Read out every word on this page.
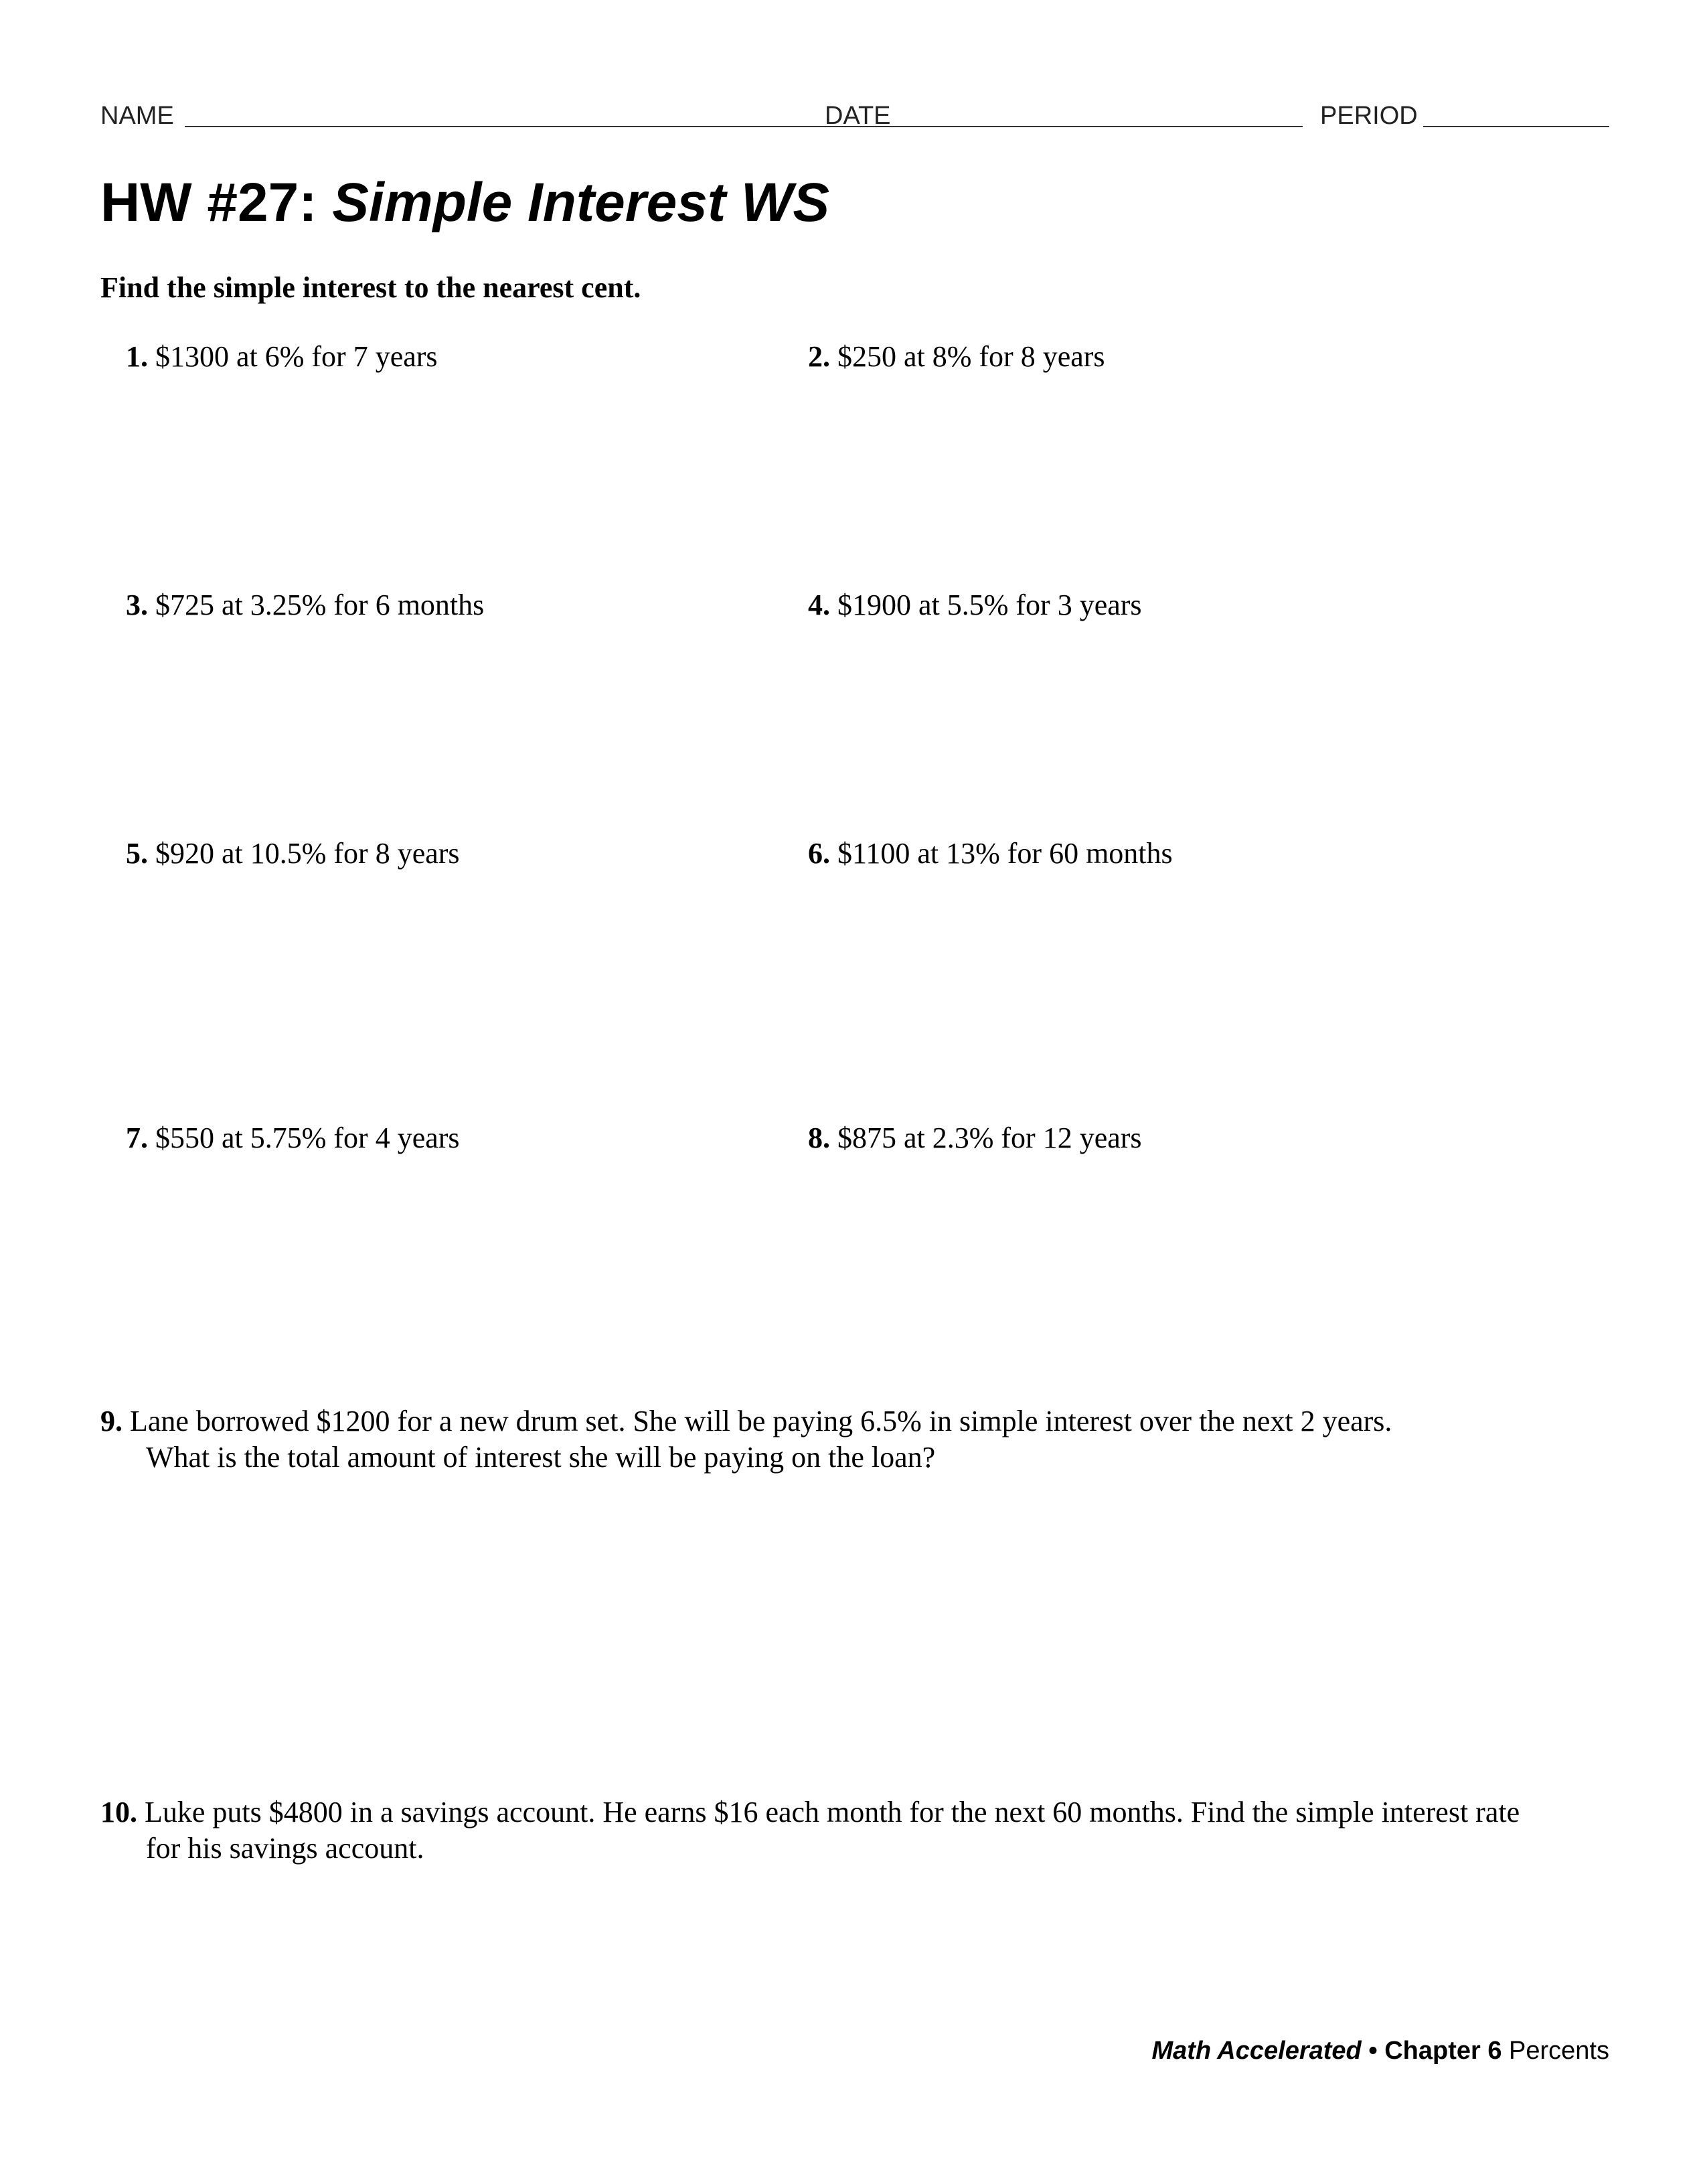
NAME	DATE	PERIOD
HW #27: Simple Interest WS
Find the simple interest to the nearest cent.
1. $1300 at 6% for 7 years	2. $250 at 8% for 8 years
3. $725 at 3.25% for 6 months	4. $1900 at 5.5% for 3 years
5. $920 at 10.5% for 8 years	6. $1100 at 13% for 60 months
7. $550 at 5.75% for 4 years	8. $875 at 2.3% for 12 years
9. Lane borrowed $1200 for a new drum set. She will be paying 6.5% in simple interest over the next 2 years.
What is the total amount of interest she will be paying on the loan?
10. Luke puts $4800 in a savings account. He earns $16 each month for the next 60 months. Find the simple interest rate
for his savings account.
Math Accelerated • Chapter 6 Percents
